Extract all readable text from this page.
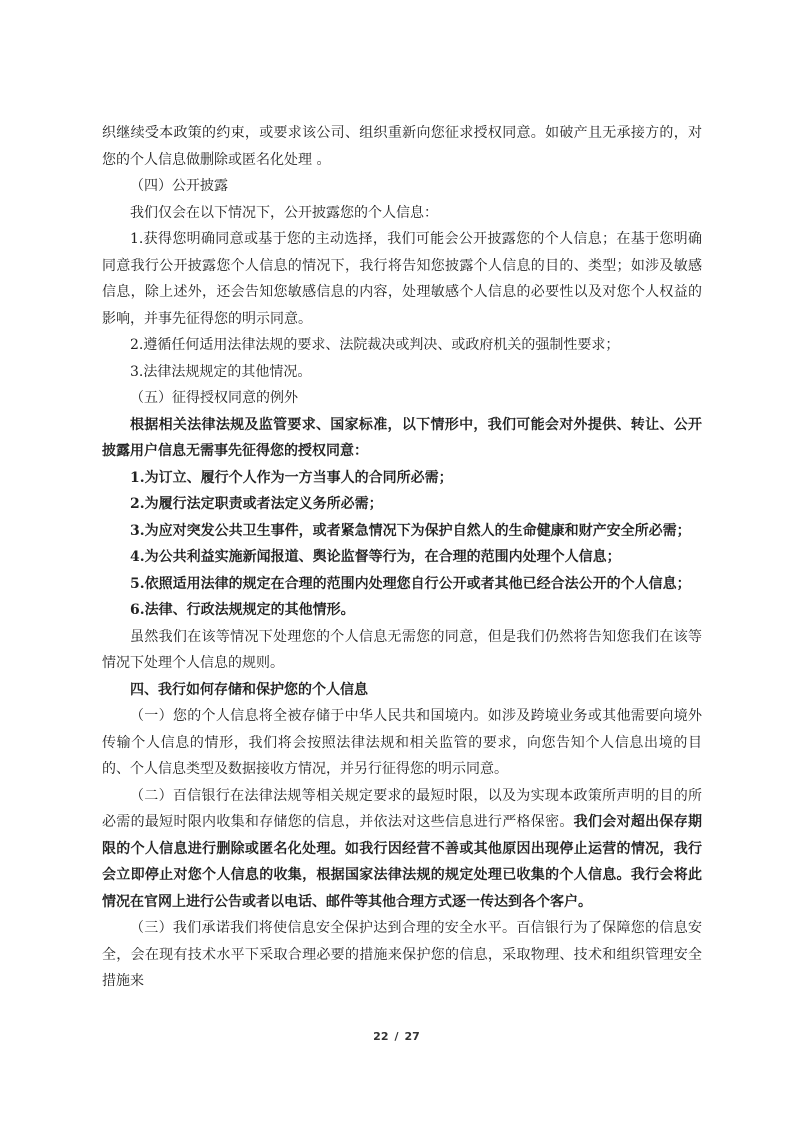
织继续受本政策的约束，或要求该公司、组织重新向您征求授权同意。如破产且无承接方的，对您的个人信息做删除或匿名化处理 。

（四）公开披露

我们仅会在以下情况下，公开披露您的个人信息：

1.获得您明确同意或基于您的主动选择，我们可能会公开披露您的个人信息；在基于您明确同意我行公开披露您个人信息的情况下，我行将告知您披露个人信息的目的、类型；如涉及敏感信息，除上述外，还会告知您敏感信息的内容，处理敏感个人信息的必要性以及对您个人权益的影响，并事先征得您的明示同意。

2.遵循任何适用法律法规的要求、法院裁决或判决、或政府机关的强制性要求；

3.法律法规规定的其他情况。

（五）征得授权同意的例外

根据相关法律法规及监管要求、国家标准，以下情形中，我们可能会对外提供、转让、公开披露用户信息无需事先征得您的授权同意：

1.为订立、履行个人作为一方当事人的合同所必需；

2.为履行法定职责或者法定义务所必需；

3.为应对突发公共卫生事件，或者紧急情况下为保护自然人的生命健康和财产安全所必需；

4.为公共利益实施新闻报道、舆论监督等行为，在合理的范围内处理个人信息；

5.依照适用法律的规定在合理的范围内处理您自行公开或者其他已经合法公开的个人信息；

6.法律、行政法规规定的其他情形。

虽然我们在该等情况下处理您的个人信息无需您的同意，但是我们仍然将告知您我们在该等情况下处理个人信息的规则。

四、我行如何存储和保护您的个人信息

（一）您的个人信息将全被存储于中华人民共和国境内。如涉及跨境业务或其他需要向境外传输个人信息的情形，我们将会按照法律法规和相关监管的要求，向您告知个人信息出境的目的、个人信息类型及数据接收方情况，并另行征得您的明示同意。

（二）百信银行在法律法规等相关规定要求的最短时限，以及为实现本政策所声明的目的所必需的最短时限内收集和存储您的信息，并依法对这些信息进行严格保密。我们会对超出保存期限的个人信息进行删除或匿名化处理。如我行因经营不善或其他原因出现停止运营的情况，我行会立即停止对您个人信息的收集，根据国家法律法规的规定处理已收集的个人信息。我行会将此情况在官网上进行公告或者以电话、邮件等其他合理方式逐一传达到各个客户。

（三）我们承诺我们将使信息安全保护达到合理的安全水平。百信银行为了保障您的信息安全，会在现有技术水平下采取合理必要的措施来保护您的信息，采取物理、技术和组织管理安全措施来

22 / 27
